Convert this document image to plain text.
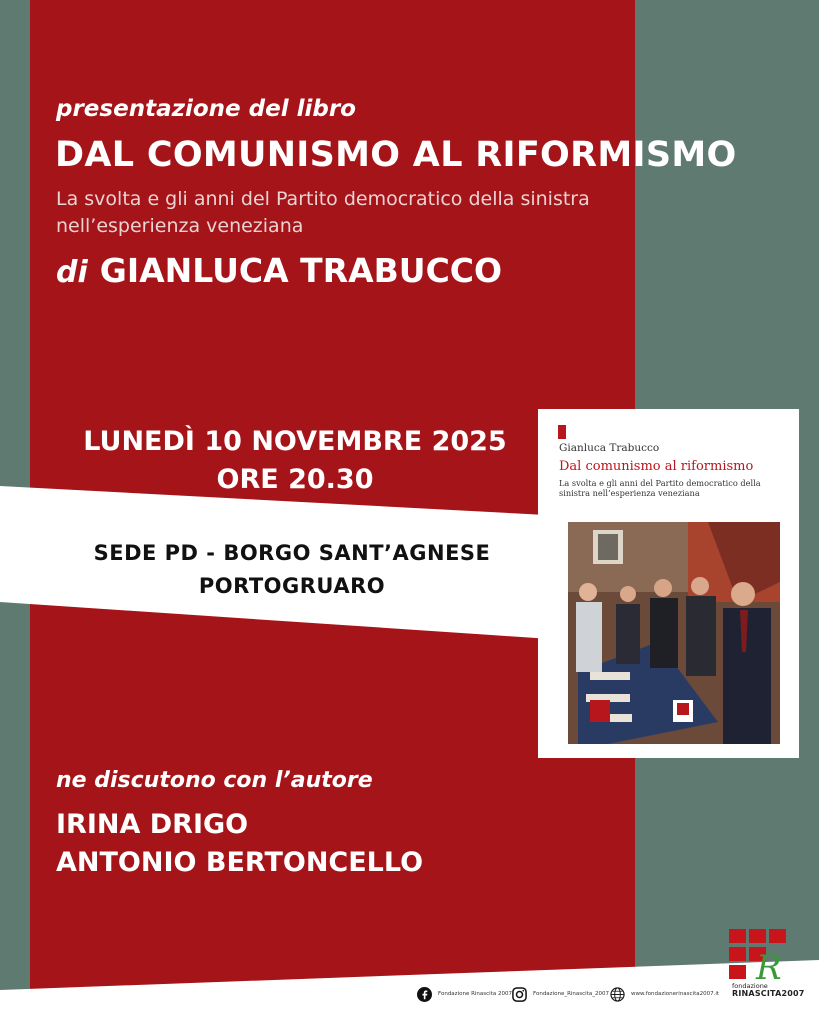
presentazione del libro
DAL COMUNISMO AL RIFORMISMO
La svolta e gli anni del Partito democratico della sinistra nell’esperienza veneziana
di GIANLUCA TRABUCCO
LUNEDÌ 10 NOVEMBRE 2025
ORE 20.30
SEDE PD - BORGO SANT’AGNESE
PORTOGRUARO
ne discutono con l’autore
IRINA DRIGO
ANTONIO BERTONCELLO
Gianluca Trabucco
Dal comunismo al riformismo
La svolta e gli anni del Partito democratico della sinistra nell’esperienza veneziana
Fondazione Rinascita 2007	Fondazione_Rinascita_2007	www.fondazionerinascita2007.it
R
fondazione
RINASCITA2007
